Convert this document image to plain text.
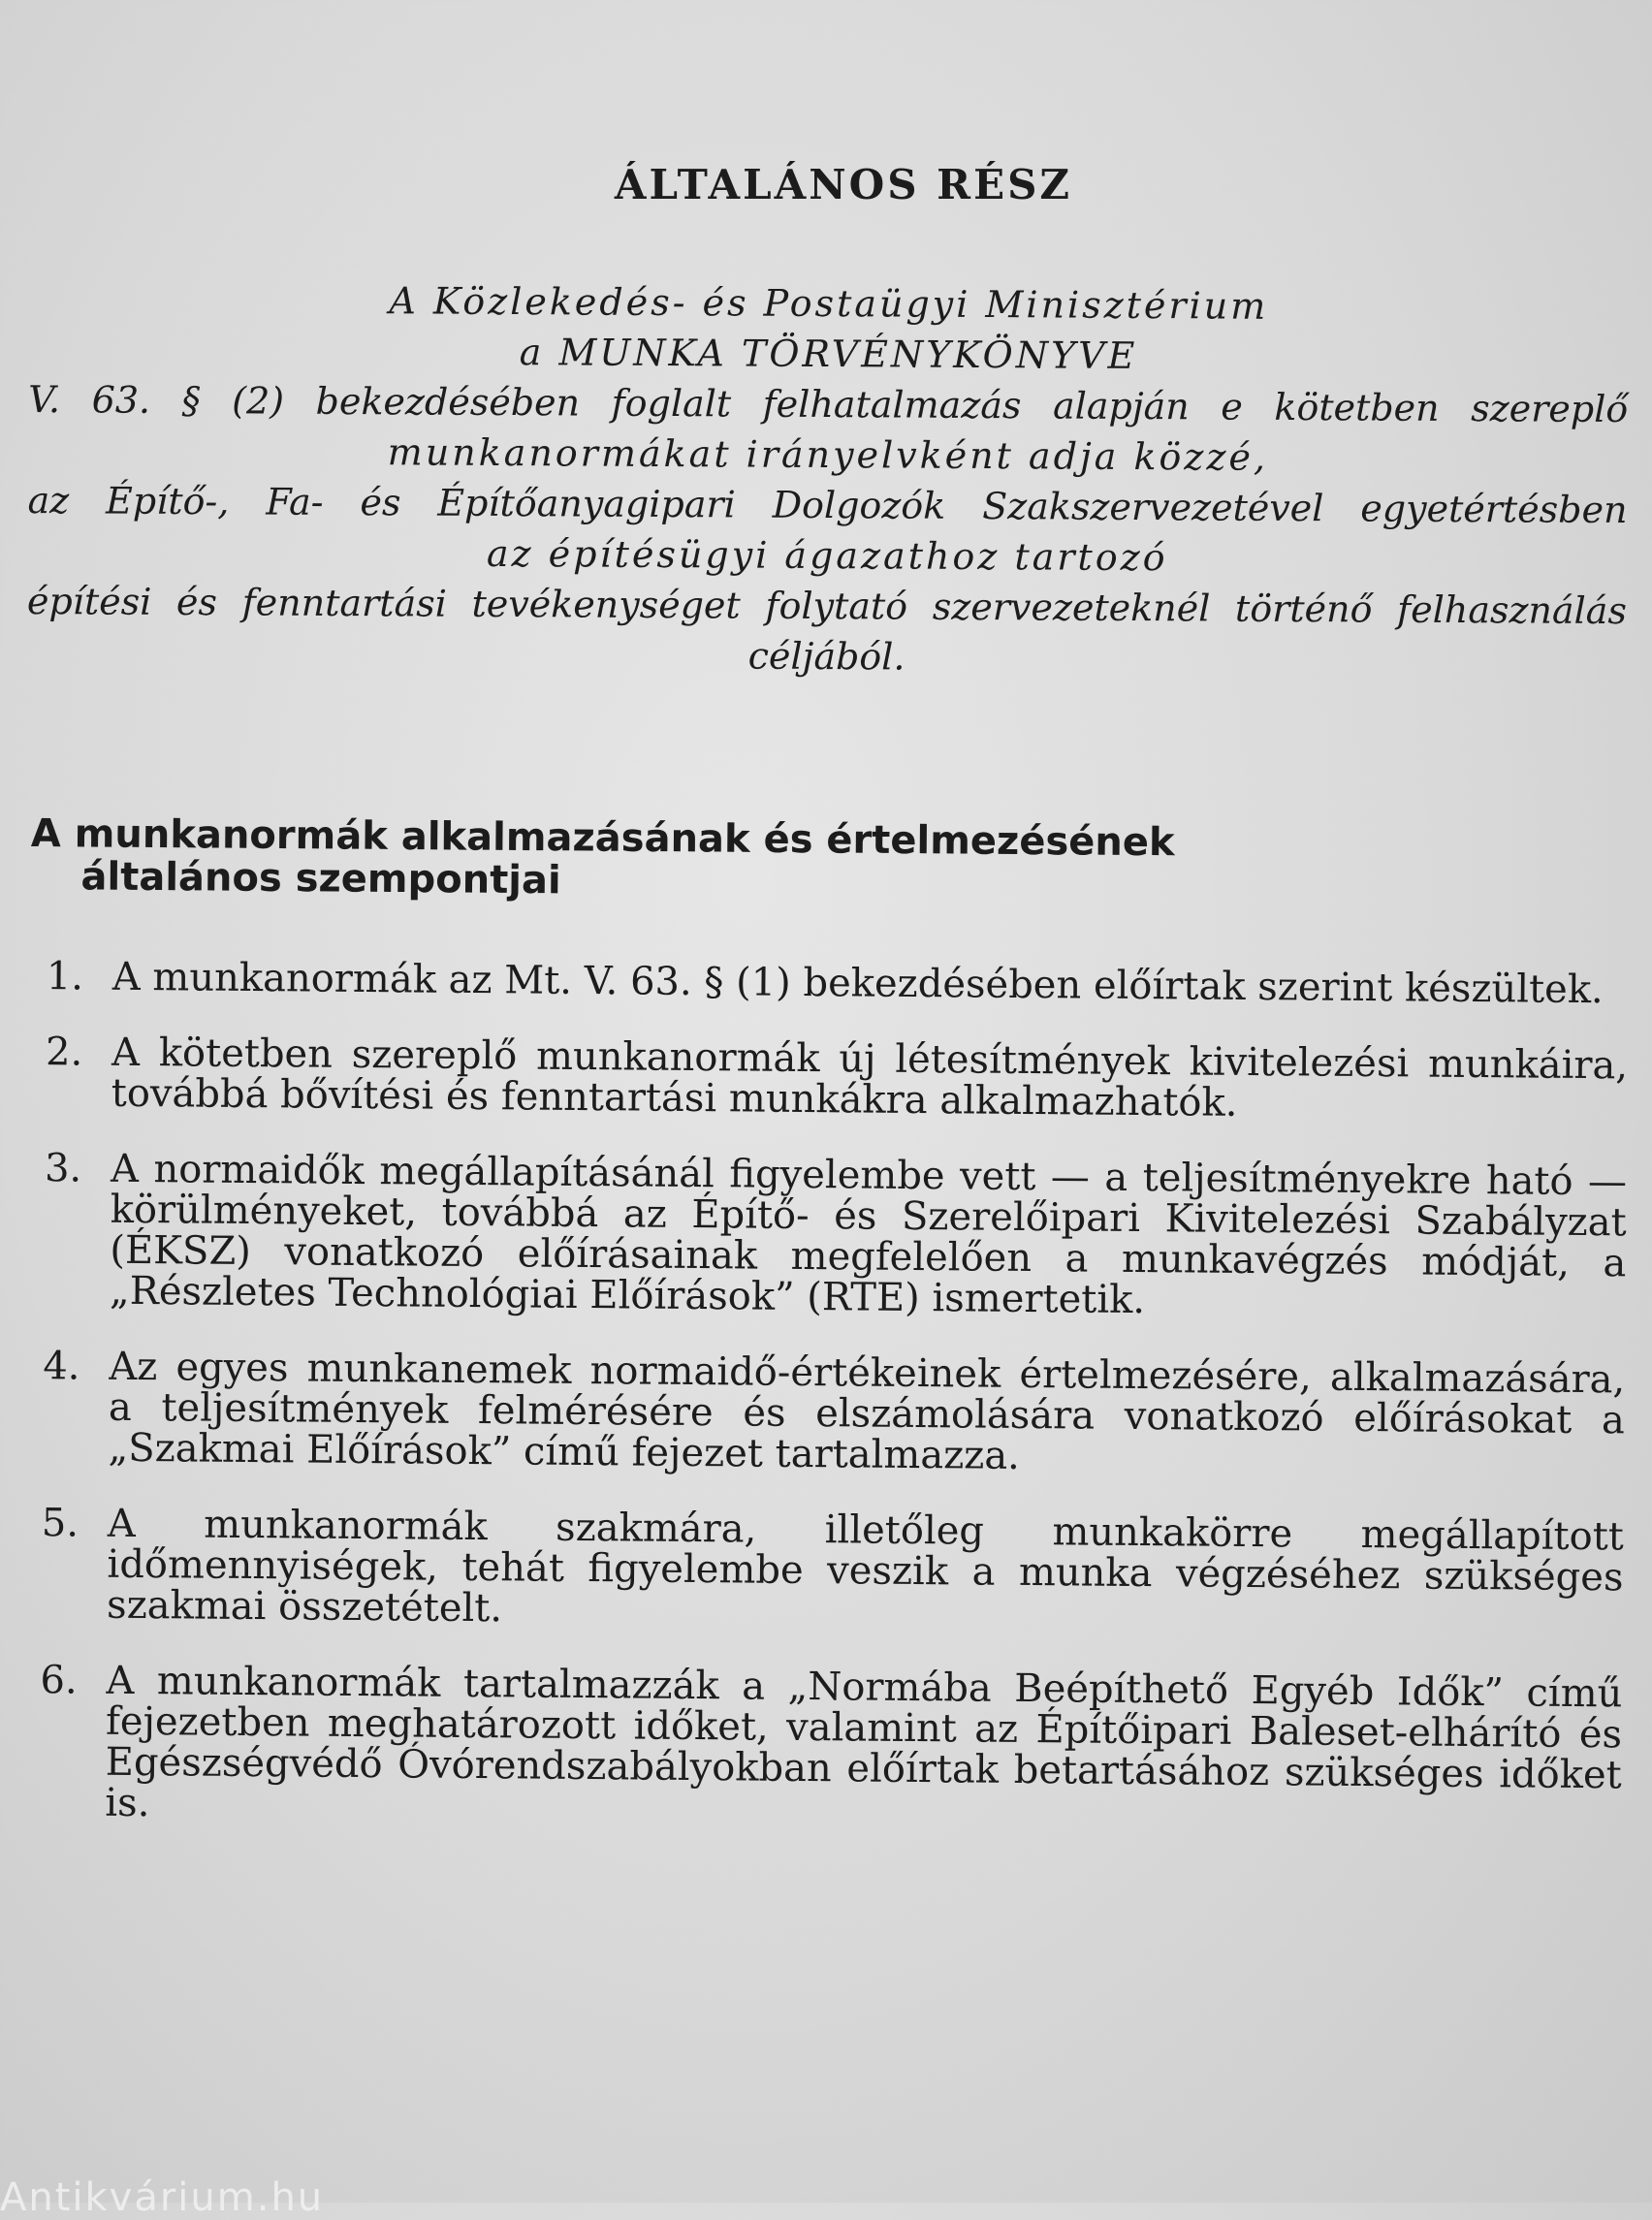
ÁLTALÁNOS RÉSZ
A Közlekedés- és Postaügyi Minisztérium
a MUNKA TÖRVÉNYKÖNYVE
V. 63. § (2) bekezdésében foglalt felhatalmazás alapján e kötetben szereplő
munkanormákat irányelvként adja közzé,
az Építő-, Fa- és Építőanyagipari Dolgozók Szakszervezetével egyetértésben
az építésügyi ágazathoz tartozó
építési és fenntartási tevékenységet folytató szervezeteknél történő felhasználás
céljából.
A munkanormák alkalmazásának és értelmezésének
általános szempontjai
1. A munkanormák az Mt. V. 63. § (1) bekezdésében előírtak szerint készültek.
2. A kötetben szereplő munkanormák új létesítmények kivitelezési munkáira, továbbá bővítési és fenntartási munkákra alkalmazhatók.
3. A normaidők megállapításánál figyelembe vett — a teljesítményekre ható — körülményeket, továbbá az Építő- és Szerelőipari Kivitelezési Szabályzat (ÉKSZ) vonatkozó előírásainak megfelelően a munkavégzés módját, a „Részletes Technológiai Előírások” (RTE) ismertetik.
4. Az egyes munkanemek normaidő-értékeinek értelmezésére, alkalmazására, a teljesítmények felmérésére és elszámolására vonatkozó előírásokat a „Szakmai Előírások” című fejezet tartalmazza.
5. A munkanormák szakmára, illetőleg munkakörre megállapított időmennyiségek, tehát figyelembe veszik a munka végzéséhez szükséges szakmai összetételt.
6. A munkanormák tartalmazzák a „Normába Beépíthető Egyéb Idők” című fejezetben meghatározott időket, valamint az Építőipari Baleset-elhárító és Egészségvédő Óvórendszabályokban előírtak betartásához szükséges időket is.
Antikvárium.hu
